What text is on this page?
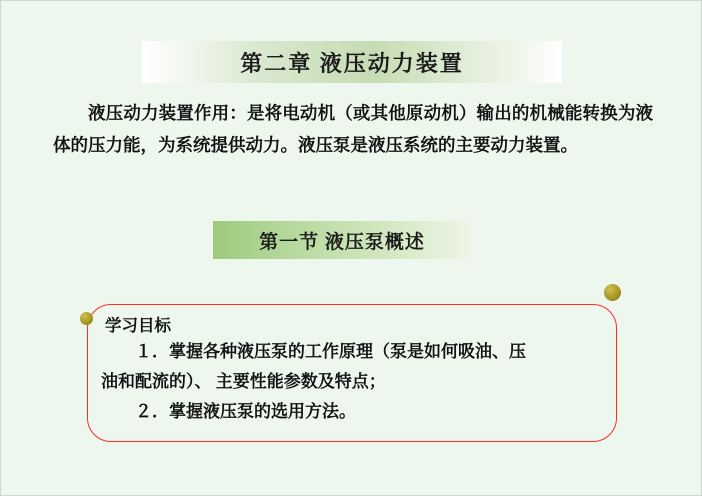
第二章 液压动力装置
液压动力装置作用：是将电动机（或其他原动机）输出的机械能转换为液体的压力能，为系统提供动力。液压泵是液压系统的主要动力装置。
第一节 液压泵概述
学习目标

１．掌握各种液压泵的工作原理（泵是如何吸油、压

油和配流的）、 主要性能参数及特点；

２．掌握液压泵的选用方法。
